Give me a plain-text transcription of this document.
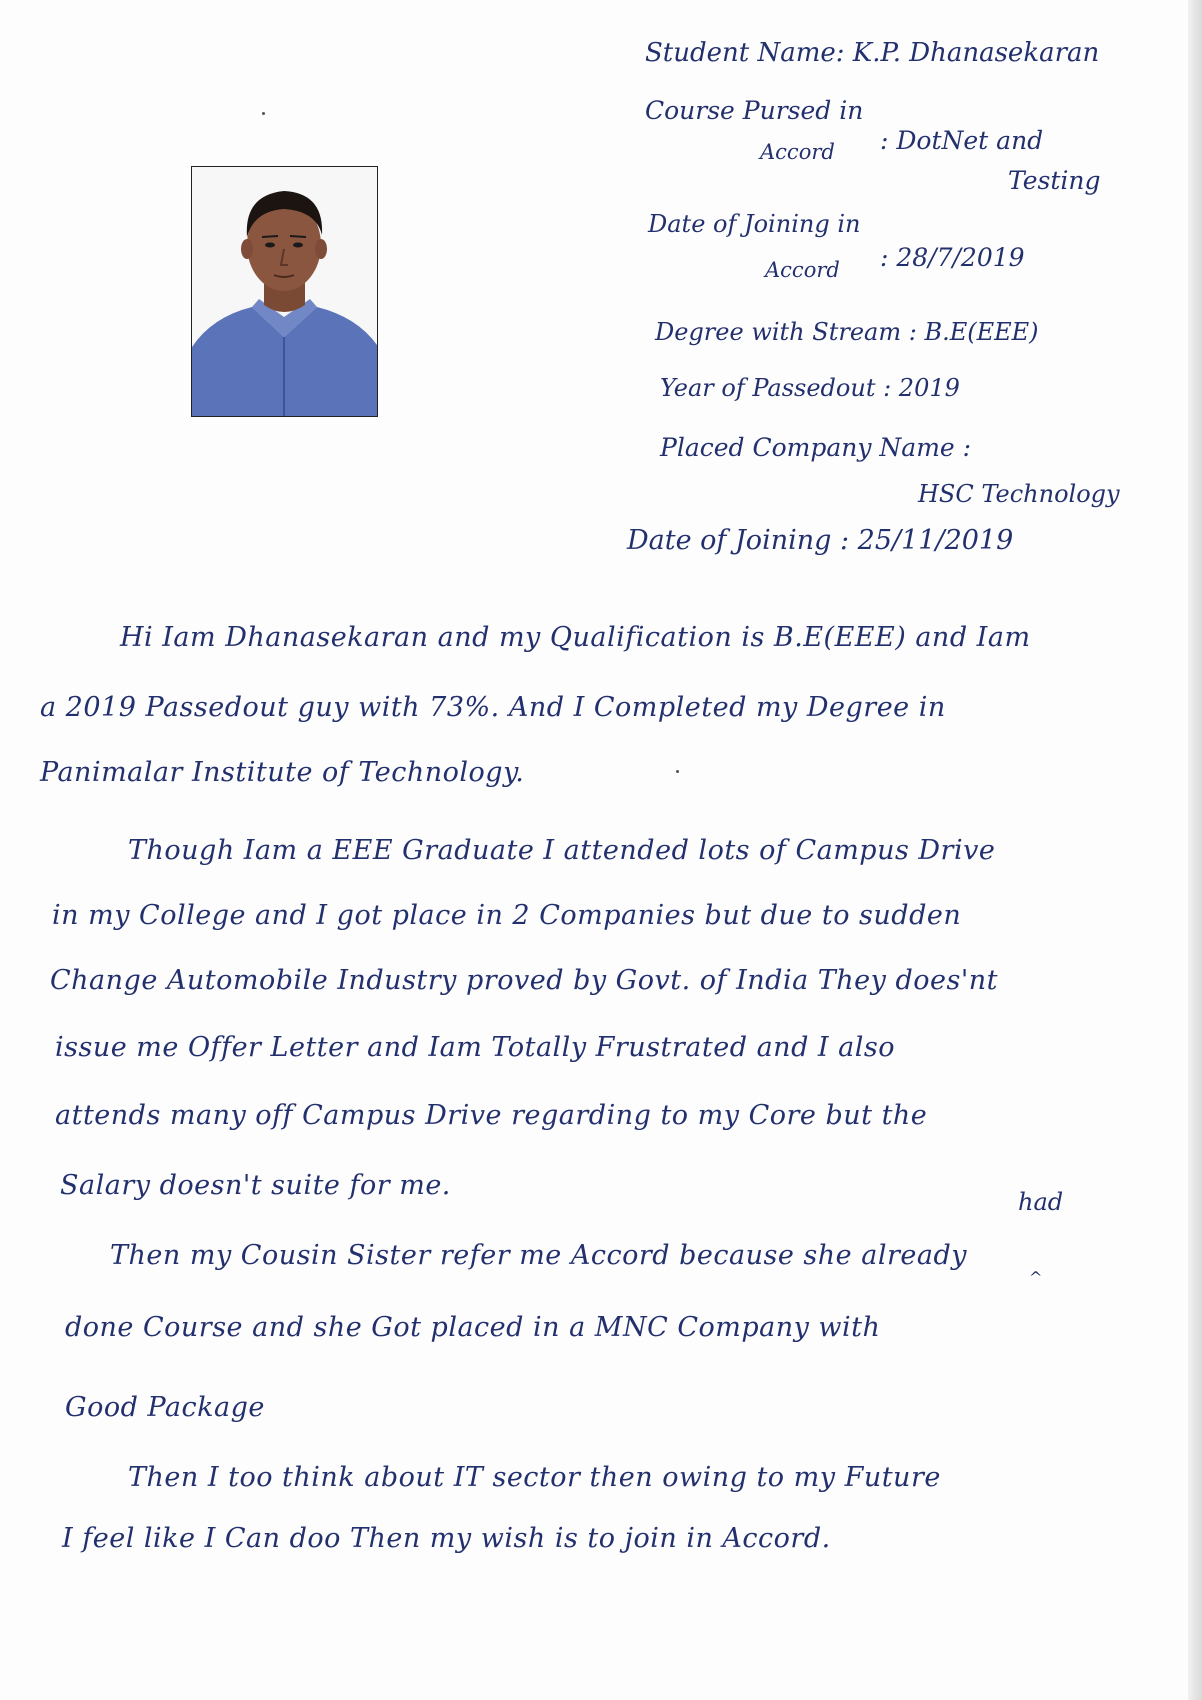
Student Name: K.P. Dhanasekaran
Course Pursed in
Accord : DotNet and
Testing
Date of Joining in
Accord : 28/7/2019
Degree with Stream : B.E(EEE)
Year of Passedout : 2019
Placed Company Name :
HSC Technology
Date of Joining : 25/11/2019
Hi Iam Dhanasekaran and my Qualification is B.E(EEE) and Iam
a 2019 Passedout guy with 73%. And I Completed my Degree in
Panimalar Institute of Technology.
Though Iam a EEE Graduate I attended lots of Campus Drive
in my College and I got place in 2 Companies but due to sudden
Change Automobile Industry proved by Govt. of India They does'nt
issue me Offer Letter and Iam Totally Frustrated and I also
attends many off Campus Drive regarding to my Core but the
Salary doesn't suite for me.
had
^
Then my Cousin Sister refer me Accord because she already
done Course and she Got placed in a MNC Company with
Good Package
Then I too think about IT sector then owing to my Future
I feel like I Can doo Then my wish is to join in Accord.
